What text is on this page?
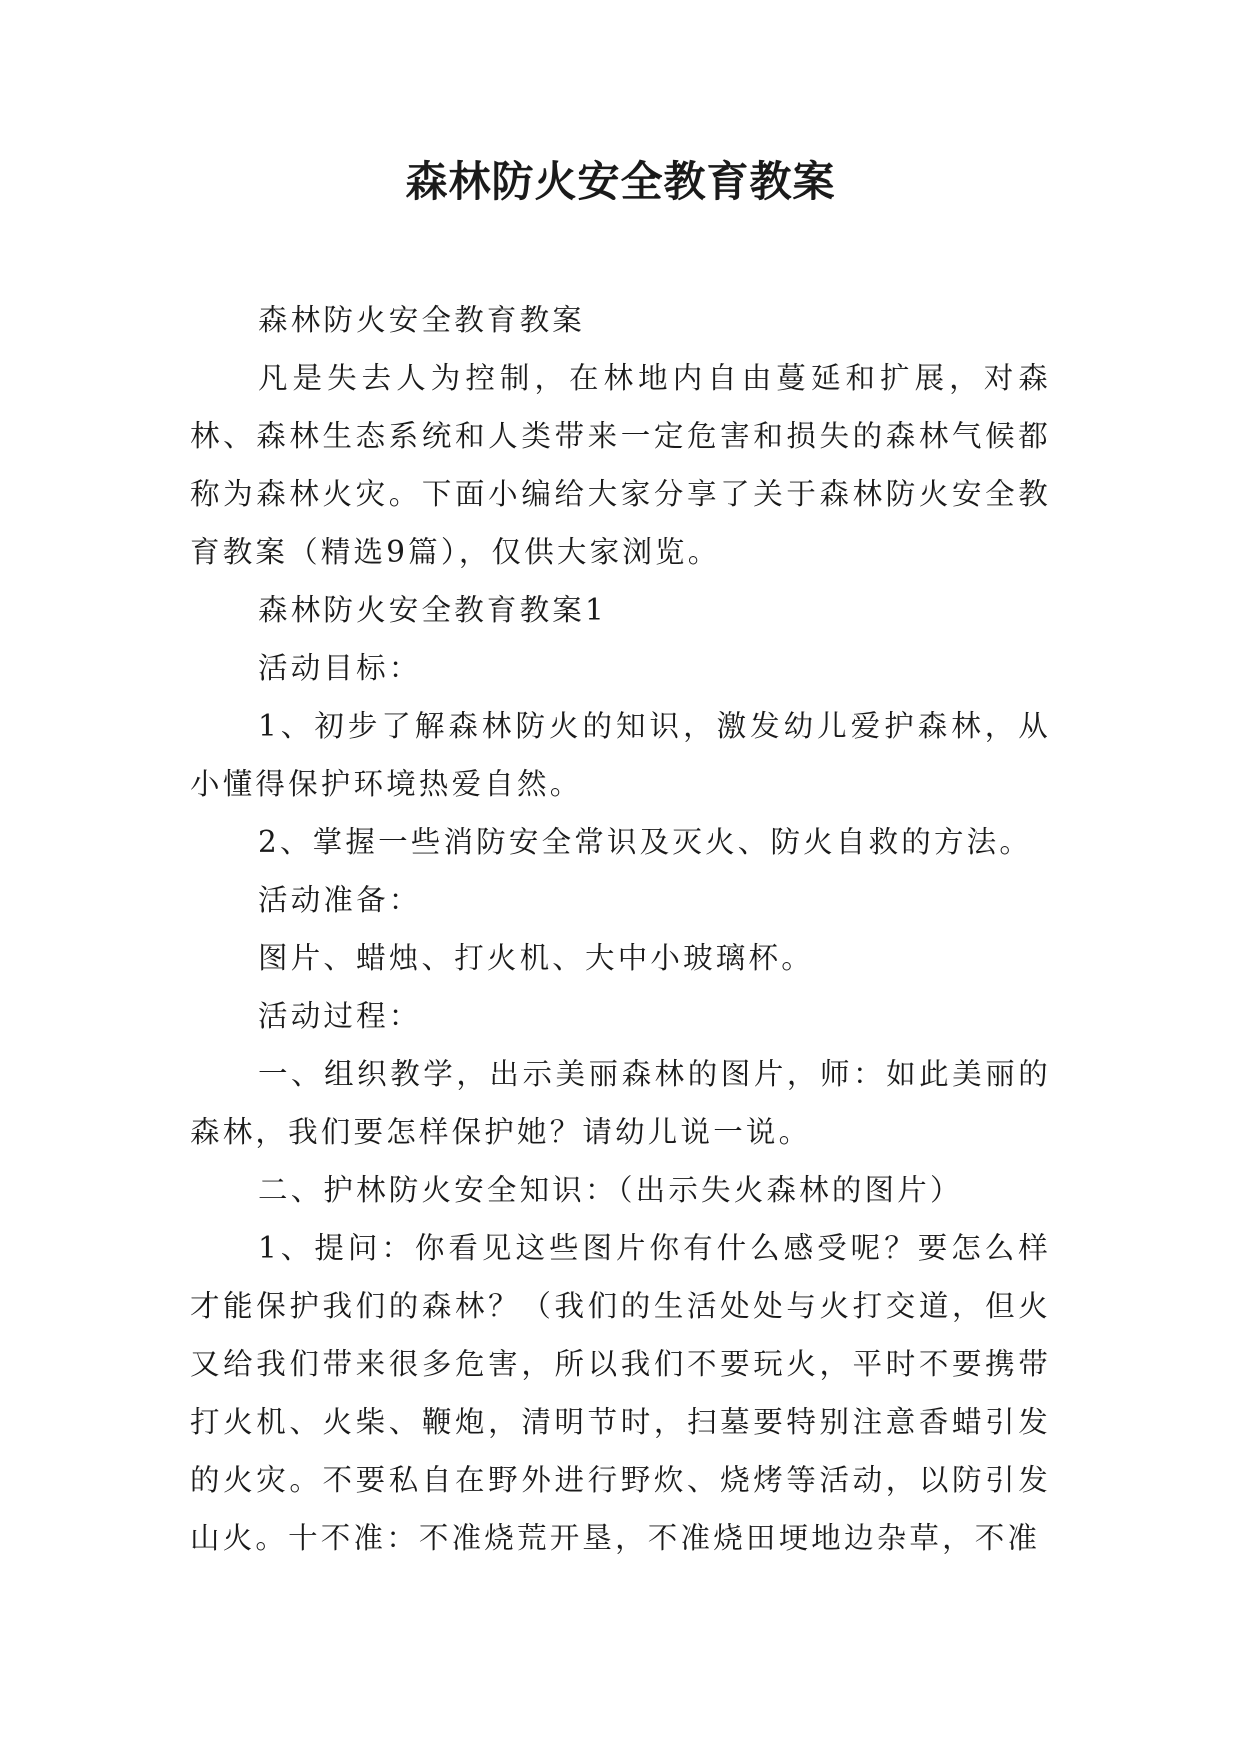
森林防火安全教育教案

森林防火安全教育教案

凡是失去人为控制，在林地内自由蔓延和扩展，对森林、森林生态系统和人类带来一定危害和损失的森林气候都称为森林火灾。下面小编给大家分享了关于森林防火安全教育教案（精选9篇），仅供大家浏览。

森林防火安全教育教案1

活动目标：

1、初步了解森林防火的知识，激发幼儿爱护森林，从小懂得保护环境热爱自然。

2、掌握一些消防安全常识及灭火、防火自救的方法。

活动准备：

图片、蜡烛、打火机、大中小玻璃杯。

活动过程：

一、组织教学，出示美丽森林的图片，师：如此美丽的森林，我们要怎样保护她？请幼儿说一说。

二、护林防火安全知识：（出示失火森林的图片）

1、提问：你看见这些图片你有什么感受呢？要怎么样才能保护我们的森林？（我们的生活处处与火打交道，但火又给我们带来很多危害，所以我们不要玩火，平时不要携带打火机、火柴、鞭炮，清明节时，扫墓要特别注意香蜡引发的火灾。不要私自在野外进行野炊、烧烤等活动，以防引发山火。十不准：不准烧荒开垦，不准烧田埂地边杂草，不准
